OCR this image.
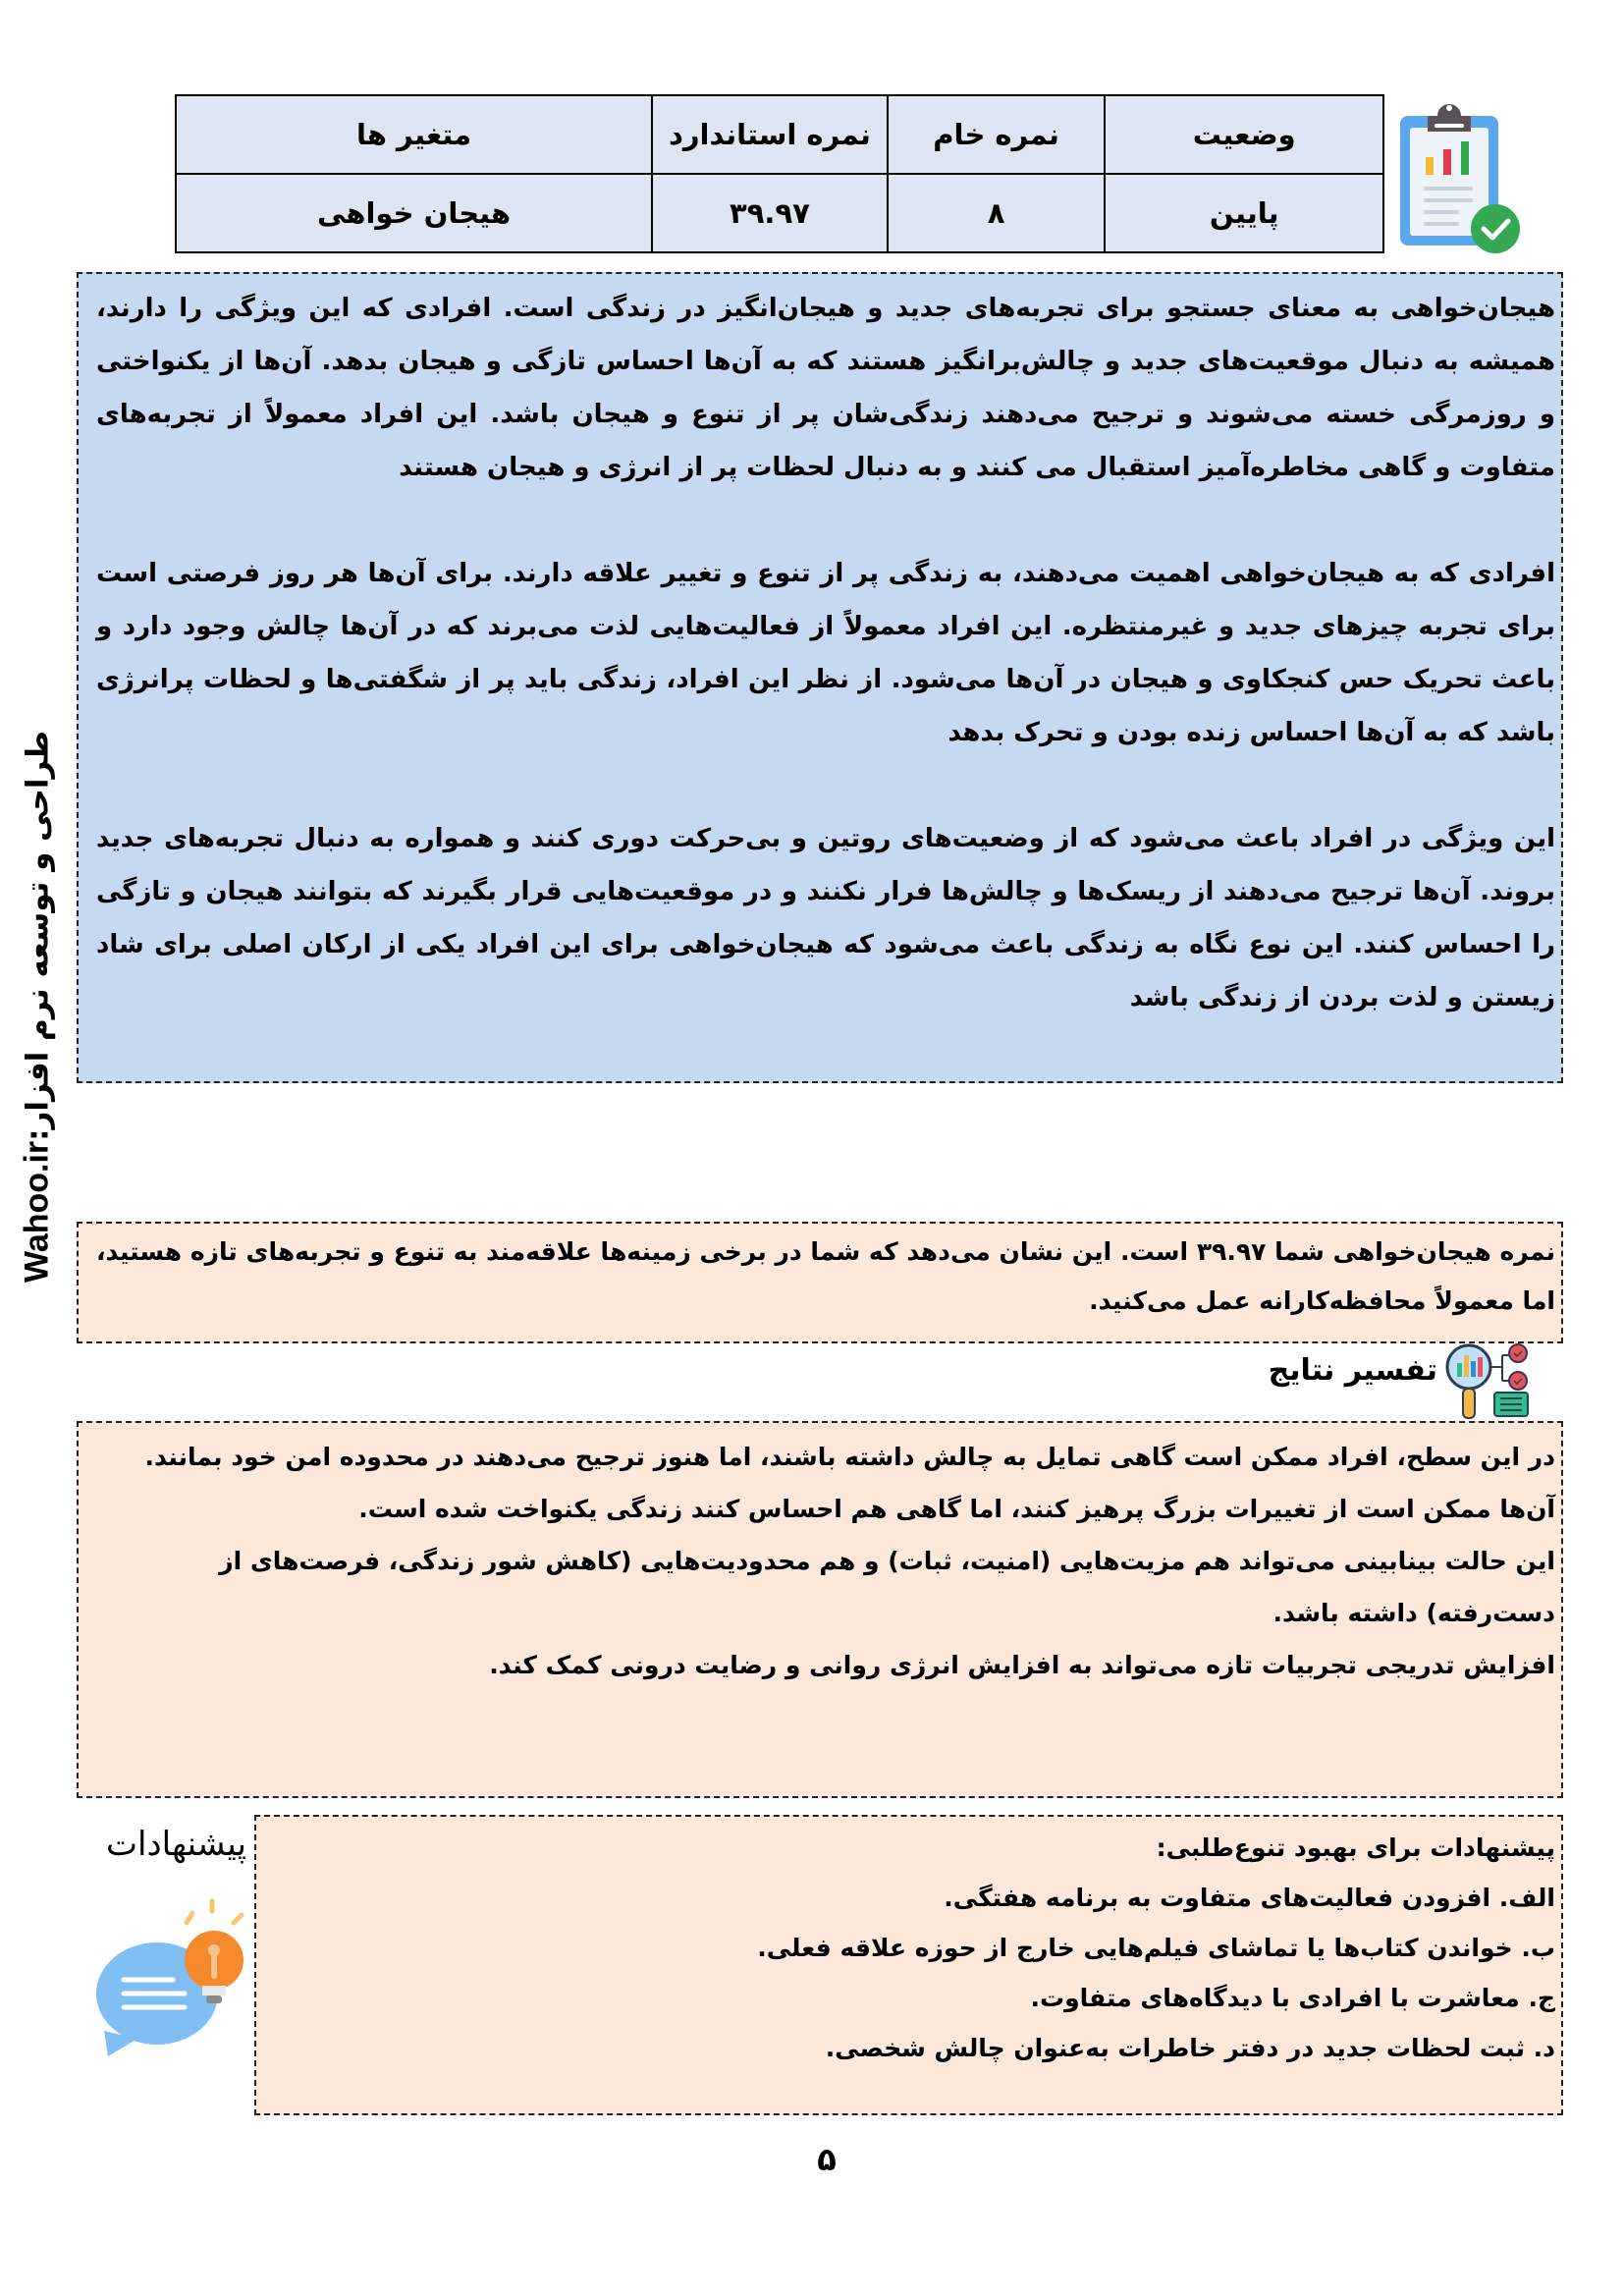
وضعیت	نمره خام	نمره استاندارد	متغیر ها
پایین	۸	۳۹.۹۷	هیجان خواهی

هیجان‌خواهی به معنای جستجو برای تجربه‌های جدید و هیجان‌انگیز در زندگی است. افرادی که این ویژگی را دارند، همیشه به دنبال موقعیت‌های جدید و چالش‌برانگیز هستند که به آن‌ها احساس تازگی و هیجان بدهد. آن‌ها از یکنواختی و روزمرگی خسته می‌شوند و ترجیح می‌دهند زندگی‌شان پر از تنوع و هیجان باشد. این افراد معمولاً از تجربه‌های متفاوت و گاهی مخاطره‌آمیز استقبال می کنند و به دنبال لحظات پر از انرژی و هیجان هستند

افرادی که به هیجان‌خواهی اهمیت می‌دهند، به زندگی پر از تنوع و تغییر علاقه دارند. برای آن‌ها هر روز فرصتی است برای تجربه چیزهای جدید و غیرمنتظره. این افراد معمولاً از فعالیت‌هایی لذت می‌برند که در آن‌ها چالش وجود دارد و باعث تحریک حس کنجکاوی و هیجان در آن‌ها می‌شود. از نظر این افراد، زندگی باید پر از شگفتی‌ها و لحظات پرانرژی باشد که به آن‌ها احساس زنده بودن و تحرک بدهد

این ویژگی در افراد باعث می‌شود که از وضعیت‌های روتین و بی‌حرکت دوری کنند و همواره به دنبال تجربه‌های جدید بروند. آن‌ها ترجیح می‌دهند از ریسک‌ها و چالش‌ها فرار نکنند و در موقعیت‌هایی قرار بگیرند که بتوانند هیجان و تازگی را احساس کنند. این نوع نگاه به زندگی باعث می‌شود که هیجان‌خواهی برای این افراد یکی از ارکان اصلی برای شاد زیستن و لذت بردن از زندگی باشد

طراحی و توسعه نرم افزار:Wahoo.ir نمره هیجان‌خواهی شما ۳۹.۹۷ است. این نشان می‌دهد که شما در برخی زمینه‌ها علاقه‌مند به تنوع و تجربه‌های تازه هستید، اما معمولاً محافظه‌کارانه عمل می‌کنید.

تفسیر نتایج

در این سطح، افراد ممکن است گاهی تمایل به چالش داشته باشند، اما هنوز ترجیح می‌دهند در محدوده امن خود بمانند.

آن‌ها ممکن است از تغییرات بزرگ پرهیز کنند، اما گاهی هم احساس کنند زندگی یکنواخت شده است.

این حالت بینابینی می‌تواند هم مزیت‌هایی (امنیت، ثبات) و هم محدودیت‌هایی (کاهش شور زندگی، فرصت‌های از دست‌رفته) داشته باشد.

افزایش تدریجی تجربیات تازه می‌تواند به افزایش انرژی روانی و رضایت درونی کمک کند.

پیشنهادات	پیشنهادات برای بهبود تنوع‌طلبی:

الف. افزودن فعالیت‌های متفاوت به برنامه هفتگی.

ب. خواندن کتاب‌ها یا تماشای فیلم‌هایی خارج از حوزه علاقه فعلی.

ج. معاشرت با افرادی با دیدگاه‌های متفاوت.

د. ثبت لحظات جدید در دفتر خاطرات به‌عنوان چالش شخصی.

۵
